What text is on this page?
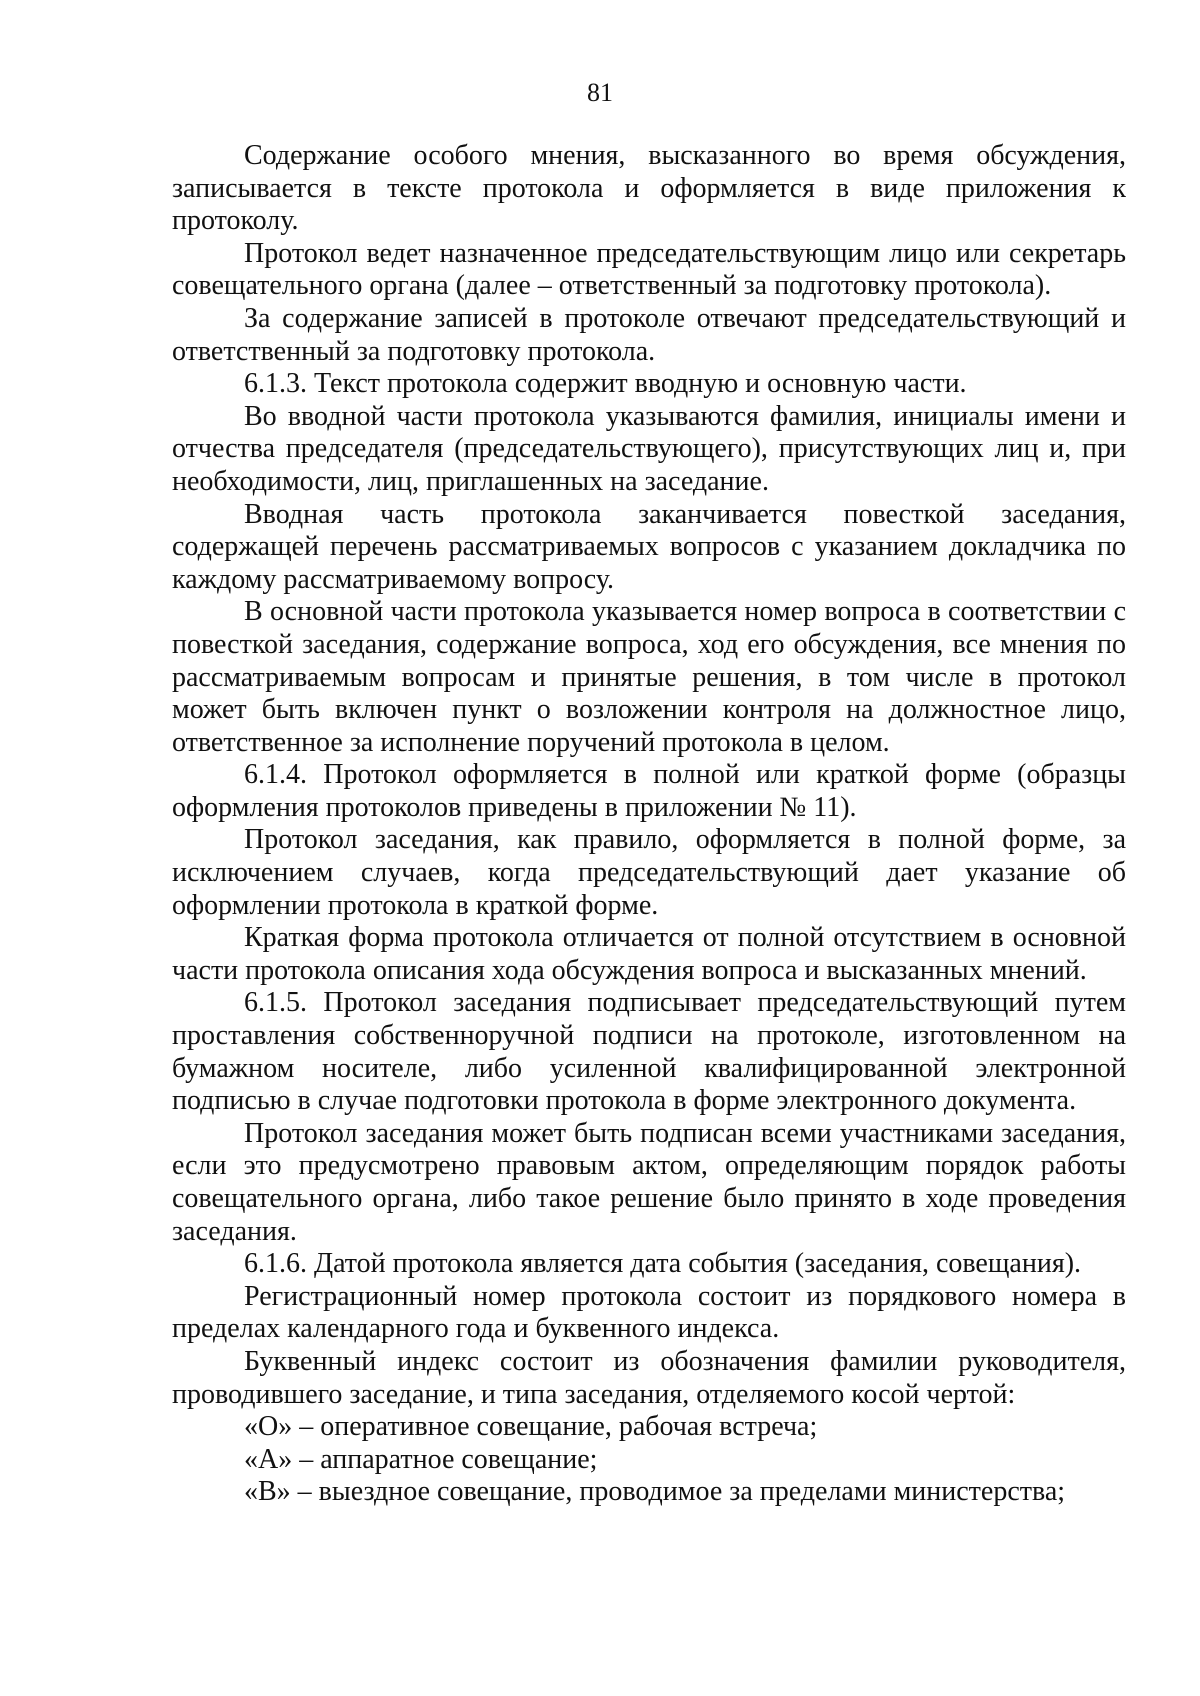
81

Содержание особого мнения, высказанного во время обсуждения, записывается в тексте протокола и оформляется в виде приложения к протоколу.

Протокол ведет назначенное председательствующим лицо или секретарь совещательного органа (далее – ответственный за подготовку протокола).

За содержание записей в протоколе отвечают председательствующий и ответственный за подготовку протокола.

6.1.3. Текст протокола содержит вводную и основную части.

Во вводной части протокола указываются фамилия, инициалы имени и отчества председателя (председательствующего), присутствующих лиц и, при необходимости, лиц, приглашенных на заседание.

Вводная часть протокола заканчивается повесткой заседания, содержащей перечень рассматриваемых вопросов с указанием докладчика по каждому рассматриваемому вопросу.

В основной части протокола указывается номер вопроса в соответствии с повесткой заседания, содержание вопроса, ход его обсуждения, все мнения по рассматриваемым вопросам и принятые решения, в том числе в протокол может быть включен пункт о возложении контроля на должностное лицо, ответственное за исполнение поручений протокола в целом.

6.1.4. Протокол оформляется в полной или краткой форме (образцы оформления протоколов приведены в приложении № 11).

Протокол заседания, как правило, оформляется в полной форме, за исключением случаев, когда председательствующий дает указание об оформлении протокола в краткой форме.

Краткая форма протокола отличается от полной отсутствием в основной части протокола описания хода обсуждения вопроса и высказанных мнений.

6.1.5. Протокол заседания подписывает председательствующий путем проставления собственноручной подписи на протоколе, изготовленном на бумажном носителе, либо усиленной квалифицированной электронной подписью в случае подготовки протокола в форме электронного документа.

Протокол заседания может быть подписан всеми участниками заседания, если это предусмотрено правовым актом, определяющим порядок работы совещательного органа, либо такое решение было принято в ходе проведения заседания.

6.1.6. Датой протокола является дата события (заседания, совещания).

Регистрационный номер протокола состоит из порядкового номера в пределах календарного года и буквенного индекса.

Буквенный индекс состоит из обозначения фамилии руководителя, проводившего заседание, и типа заседания, отделяемого косой чертой:

«О» – оперативное совещание, рабочая встреча;

«А» – аппаратное совещание;

«В» – выездное совещание, проводимое за пределами министерства;
